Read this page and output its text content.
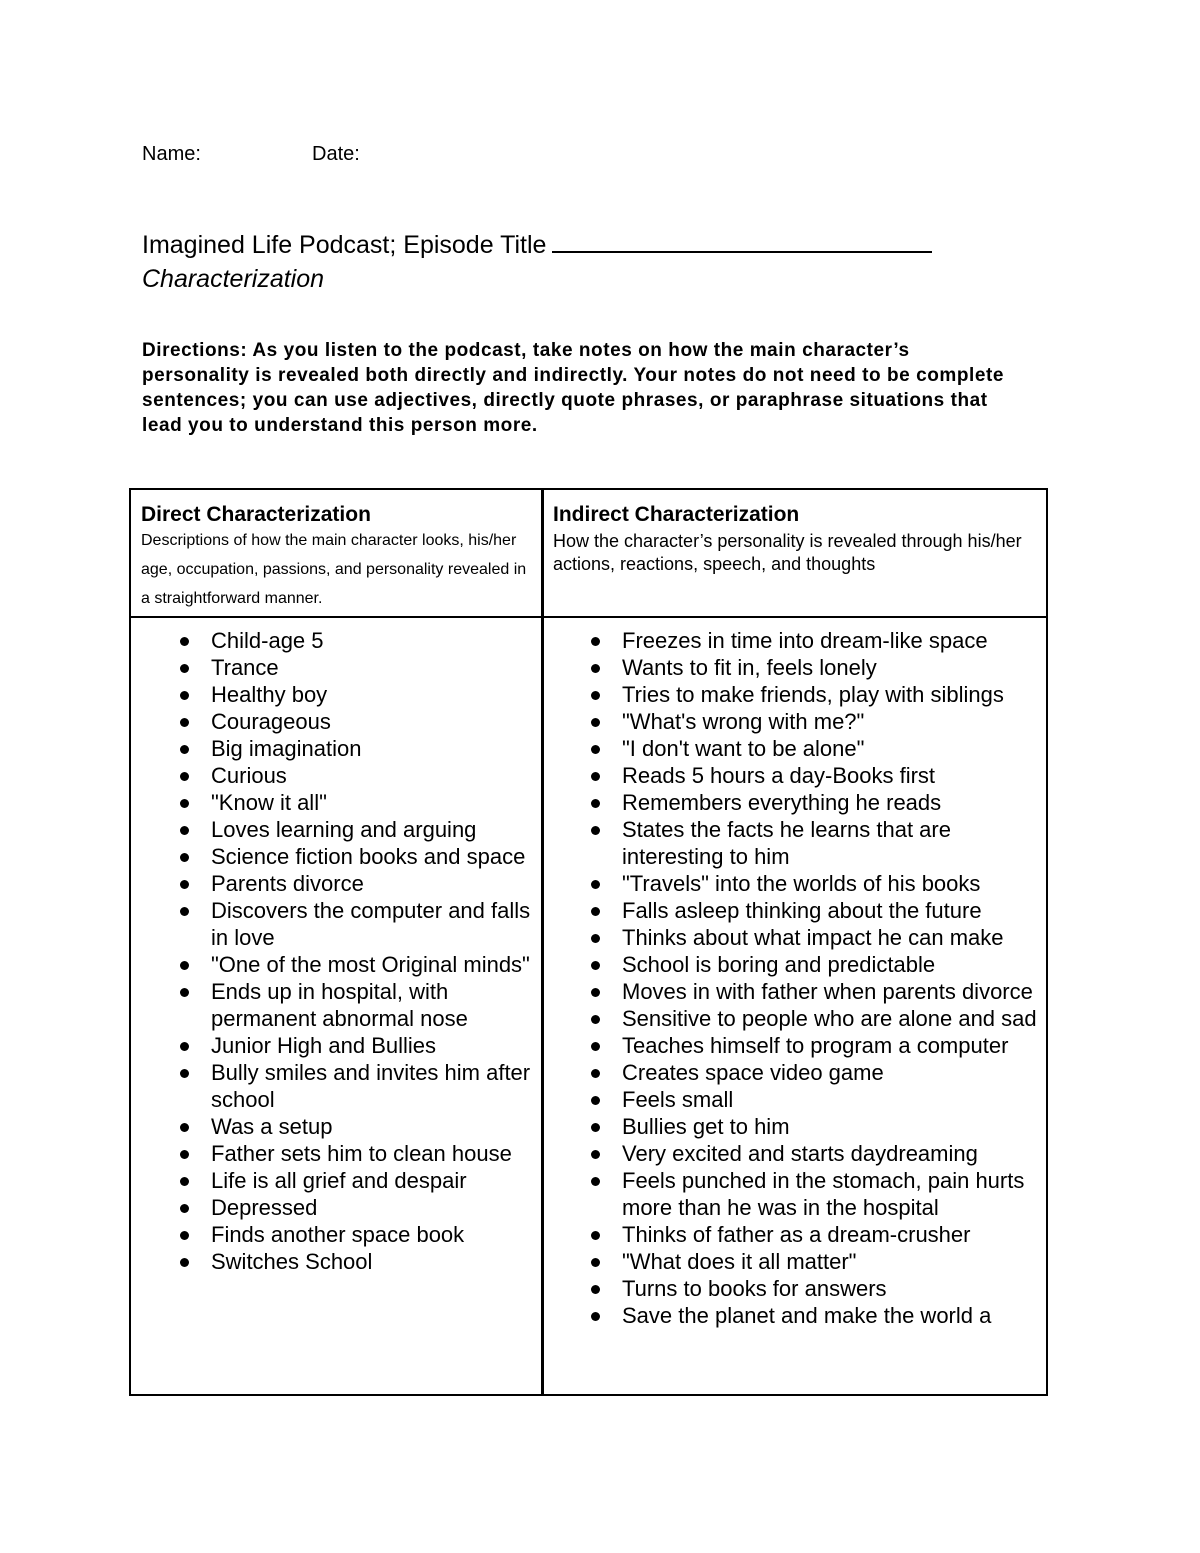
Name:	Date:
Imagined Life Podcast; Episode Title
Characterization
Directions: As you listen to the podcast, take notes on how the main character’s personality is revealed both directly and indirectly. Your notes do not need to be complete sentences; you can use adjectives, directly quote phrases, or paraphrase situations that lead you to understand this person more.
Direct Characterization
Descriptions of how the main character looks, his/her age, occupation, passions, and personality revealed in a straightforward manner.
Indirect Characterization
How the character’s personality is revealed through his/her actions, reactions, speech, and thoughts
Child-age 5
Trance
Healthy boy
Courageous
Big imagination
Curious
"Know it all"
Loves learning and arguing
Science fiction books and space
Parents divorce
Discovers the computer and falls in love
"One of the most Original minds"
Ends up in hospital, with permanent abnormal nose
Junior High and Bullies
Bully smiles and invites him after school
Was a setup
Father sets him to clean house
Life is all grief and despair
Depressed
Finds another space book
Switches School
Freezes in time into dream-like space
Wants to fit in, feels lonely
Tries to make friends, play with siblings
"What's wrong with me?"
"I don't want to be alone"
Reads 5 hours a day-Books first
Remembers everything he reads
States the facts he learns that are interesting to him
"Travels" into the worlds of his books
Falls asleep thinking about the future
Thinks about what impact he can make
School is boring and predictable
Moves in with father when parents divorce
Sensitive to people who are alone and sad
Teaches himself to program a computer
Creates space video game
Feels small
Bullies get to him
Very excited and starts daydreaming
Feels punched in the stomach, pain hurts more than he was in the hospital
Thinks of father as a dream-crusher
"What does it all matter"
Turns to books for answers
Save the planet and make the world a
